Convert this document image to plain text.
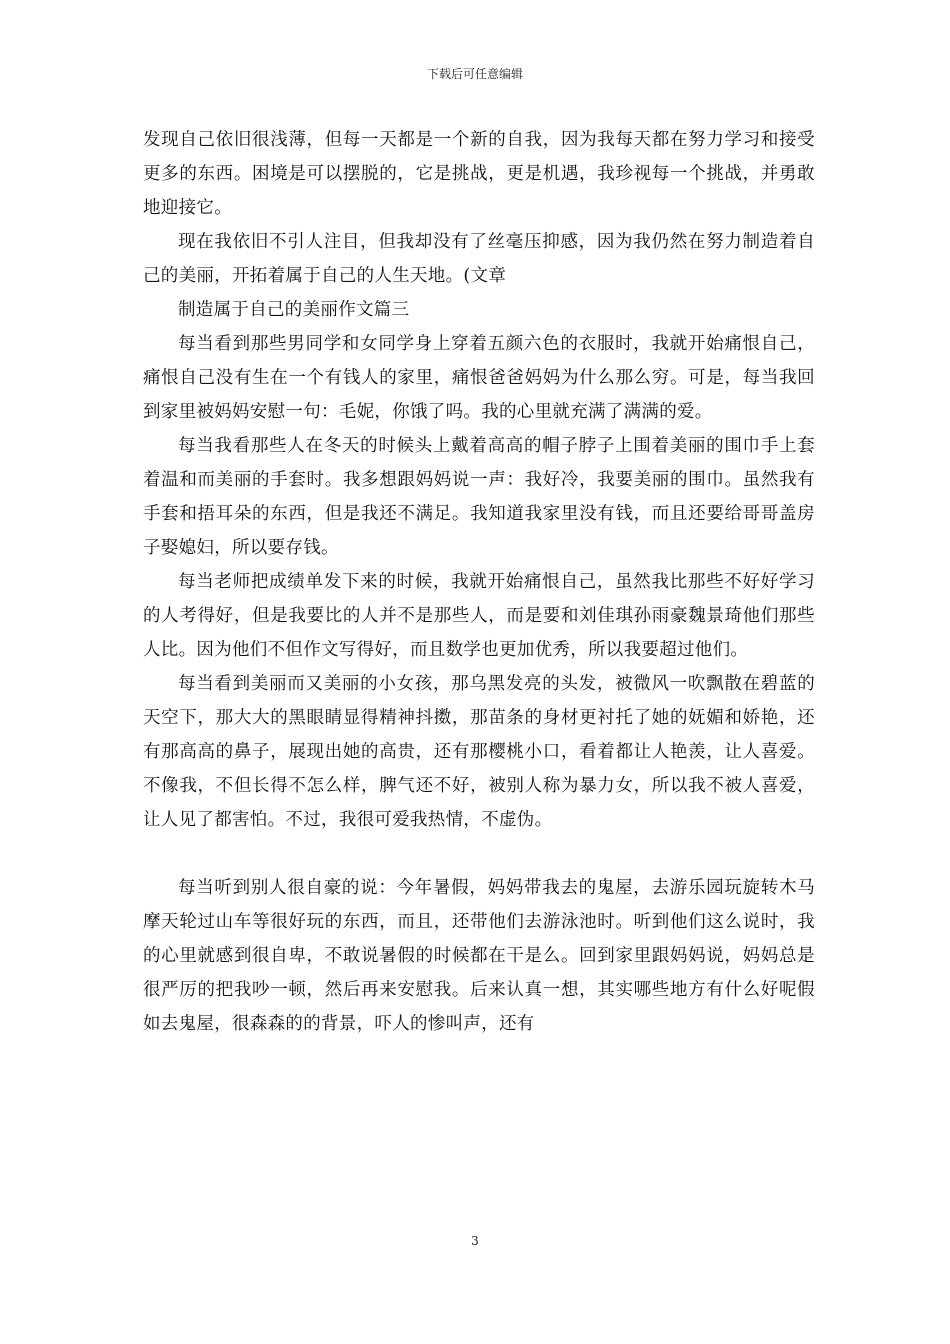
下载后可任意编辑

发现自己依旧很浅薄，但每一天都是一个新的自我，因为我每天都在努力学习和接受更多的东西。困境是可以摆脱的，它是挑战，更是机遇，我珍视每一个挑战，并勇敢地迎接它。

现在我依旧不引人注目，但我却没有了丝毫压抑感，因为我仍然在努力制造着自己的美丽，开拓着属于自己的人生天地。(文章

制造属于自己的美丽作文篇三

每当看到那些男同学和女同学身上穿着五颜六色的衣服时，我就开始痛恨自己，痛恨自己没有生在一个有钱人的家里，痛恨爸爸妈妈为什么那么穷。可是，每当我回到家里被妈妈安慰一句：毛妮，你饿了吗。我的心里就充满了满满的爱。

每当我看那些人在冬天的时候头上戴着高高的帽子脖子上围着美丽的围巾手上套着温和而美丽的手套时。我多想跟妈妈说一声：我好冷，我要美丽的围巾。虽然我有手套和捂耳朵的东西，但是我还不满足。我知道我家里没有钱，而且还要给哥哥盖房子娶媳妇，所以要存钱。

每当老师把成绩单发下来的时候，我就开始痛恨自己，虽然我比那些不好好学习的人考得好，但是我要比的人并不是那些人，而是要和刘佳琪孙雨豪魏景琦他们那些人比。因为他们不但作文写得好，而且数学也更加优秀，所以我要超过他们。

每当看到美丽而又美丽的小女孩，那乌黑发亮的头发，被微风一吹飘散在碧蓝的天空下，那大大的黑眼睛显得精神抖擞，那苗条的身材更衬托了她的妩媚和娇艳，还有那高高的鼻子，展现出她的高贵，还有那樱桃小口，看着都让人艳羡，让人喜爱。不像我，不但长得不怎么样，脾气还不好，被别人称为暴力女，所以我不被人喜爱，让人见了都害怕。不过，我很可爱我热情，不虚伪。

每当听到别人很自豪的说：今年暑假，妈妈带我去的鬼屋，去游乐园玩旋转木马摩天轮过山车等很好玩的东西，而且，还带他们去游泳池时。听到他们这么说时，我的心里就感到很自卑，不敢说暑假的时候都在干是么。回到家里跟妈妈说，妈妈总是很严厉的把我吵一顿，然后再来安慰我。后来认真一想，其实哪些地方有什么好呢假如去鬼屋，很森森的的背景，吓人的惨叫声，还有

3
